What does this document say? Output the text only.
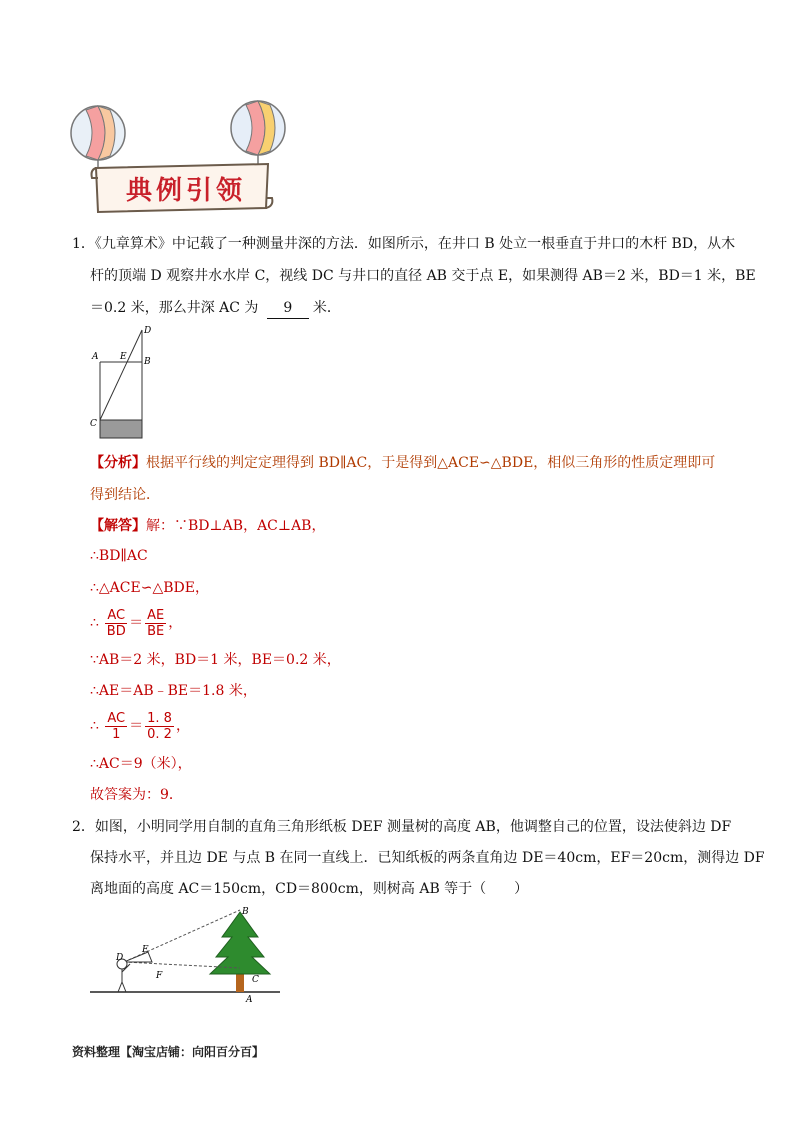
典例引领
1．《九章算术》中记载了一种测量井深的方法．如图所示，在井口 B 处立一根垂直于井口的木杆 BD，从木
杆的顶端 D 观察井水水岸 C，视线 DC 与井口的直径 AB 交于点 E，如果测得 AB＝2 米，BD＝1 米，BE
＝0.2 米，那么井深 AC 为 9 米．
D
A E B
C
【分析】根据平行线的判定定理得到 BD∥AC，于是得到△ACE∽△BDE，相似三角形的性质定理即可
得到结论．
【解答】解：∵BD⊥AB，AC⊥AB，
∴BD∥AC
∴△ACE∽△BDE，
∴ $\frac{AC}{BD} = \frac{AE}{BE}$ ，
∵AB＝2 米，BD＝1 米，BE＝0.2 米，
∴AE＝AB﹣BE＝1.8 米，
∴ $\frac{AC}{1} = \frac{1. 8}{0. 2}$ ，
∴AC＝9（米），
故答案为：9．
2．如图，小明同学用自制的直角三角形纸板 DEF 测量树的高度 AB，他调整自己的位置，设法使斜边 DF
保持水平，并且边 DE 与点 B 在同一直线上．已知纸板的两条直角边 DE＝40cm，EF＝20cm，测得边 DF
离地面的高度 AC＝150cm，CD＝800cm，则树高 AB 等于（　　）
B
E
D
F	C
A
资料整理【淘宝店铺：向阳百分百】
